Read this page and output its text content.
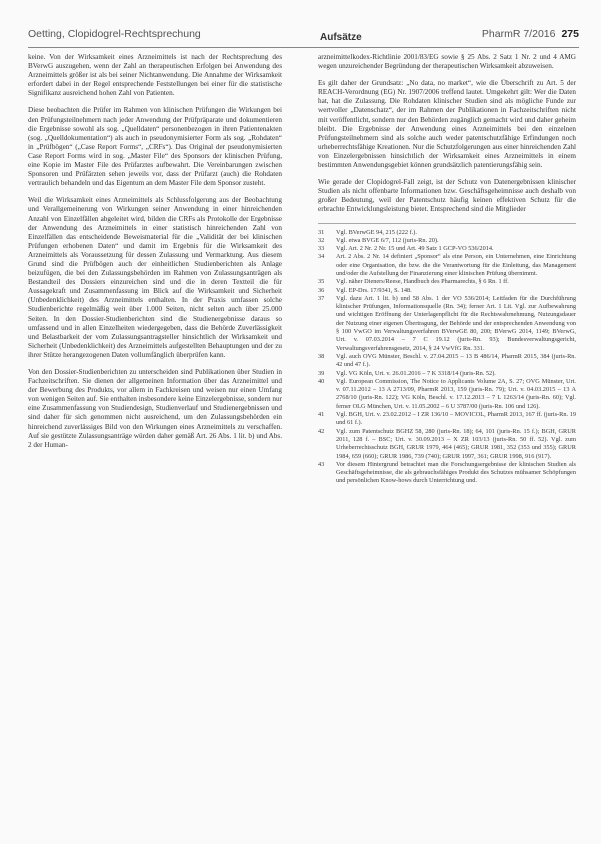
Oetting, Clopidogrel-Rechtsprechung	Aufsätze	PharmR 7/2016 275

keine. Von der Wirksamkeit eines Arzneimittels ist nach der Rechtsprechung des BVerwG auszugehen, wenn der Zahl an therapeutischen Erfolgen bei Anwendung des Arzneimittels größer ist als bei seiner Nichtanwendung. Die Annahme der Wirksamkeit erfordert dabei in der Regel entsprechende Feststellungen bei einer für die statistische Signifikanz ausreichend hohen Zahl von Patienten.

Diese beobachten die Prüfer im Rahmen von klinischen Prüfungen die Wirkungen bei den Prüfungsteilnehmern nach jeder Anwendung der Prüfpräparate und dokumentieren die Ergebnisse sowohl als sog. „Quelldaten“ personenbezogen in ihren Patientenakten (sog. „Quelldokumentation“) als auch in pseudonymisierter Form als sog. „Rohdaten“ in „Prüfbögen“ („Case Report Forms“, „CRFs“). Das Original der pseudonymisierten Case Report Forms wird in sog. „Master File“ des Sponsors der klinischen Prüfung, eine Kopie im Master File des Prüfarztes aufbewahrt. Die Vereinbarungen zwischen Sponsoren und Prüfärzten sehen jeweils vor, dass der Prüfarzt (auch) die Rohdaten vertraulich behandeln und das Eigentum an dem Master File dem Sponsor zusteht.

Weil die Wirksamkeit eines Arzneimittels als Schlussfolgerung aus der Beobachtung und Verallgemeinerung von Wirkungen seiner Anwendung in einer hinreichenden Anzahl von Einzelfällen abgeleitet wird, bilden die CRFs als Protokolle der Ergebnisse der Anwendung des Arzneimittels in einer statistisch hinreichenden Zahl von Einzelfällen das entscheidende Beweismaterial für die „Validität der bei klinischen Prüfungen erhobenen Daten“ und damit im Ergebnis für die Wirksamkeit des Arzneimittels als Voraussetzung für dessen Zulassung und Vermarktung. Aus diesem Grund sind die Prüfbögen auch der einheitlichen Studienberichten als Anlage beizufügen, die bei den Zulassungsbehörden im Rahmen von Zulassungsanträgen als Bestandteil des Dossiers einzureichen sind und die in deren Textteil die für Aussagekraft und Zusammenfassung im Blick auf die Wirksamkeit und Sicherheit (Unbedenklichkeit) des Arzneimittels enthalten. In der Praxis umfassen solche Studienberichte regelmäßig weit über 1.000 Seiten, nicht selten auch über 25.000 Seiten. In den Dossier-Studienberichten sind die Studienergebnisse daraus so umfassend und in allen Einzelheiten wiedergegeben, dass die Behörde Zuverlässigkeit und Belastbarkeit der vom Zulassungsantragsteller hinsichtlich der Wirksamkeit und Sicherheit (Unbedenklichkeit) des Arzneimittels aufgestellten Behauptungen und der zu ihrer Stütze herangezogenen Daten vollumfänglich überprüfen kann.

Von den Dossier-Studienberichten zu unterscheiden sind Publikationen über Studien in Fachzeitschriften. Sie dienen der allgemeinen Information über das Arzneimittel und der Bewerbung des Produkts, vor allem in Fachkreisen und weisen nur einen Umfang von wenigen Seiten auf. Sie enthalten insbesondere keine Einzelergebnisse, sondern nur eine Zusammenfassung von Studiendesign, Studienverlauf und Studienergebnissen und sind daher für sich genommen nicht ausreichend, um den Zulassungsbehörden ein hinreichend zuverlässiges Bild von den Wirkungen eines Arzneimittels zu verschaffen. Auf sie gestützte Zulassungsanträge würden daher gemäß Art. 26 Abs. 1 lit. b) und Abs. 2 der Human-

arzneimittelkodex-Richtlinie 2001/83/EG sowie § 25 Abs. 2 Satz 1 Nr. 2 und 4 AMG wegen unzureichender Begründung der therapeutischen Wirksamkeit abzuweisen.

Es gilt daher der Grundsatz: „No data, no market“, wie die Überschrift zu Art. 5 der REACH-Verordnung (EG) Nr. 1907/2006 treffend lautet. Umgekehrt gilt: Wer die Daten hat, hat die Zulassung. Die Rohdaten klinischer Studien sind als mögliche Funde zur wertvoller „Datenschatz“, der im Rahmen der Publikationen in Fachzeitschriften nicht mit veröffentlicht, sondern nur den Behörden zugänglich gemacht wird und daher geheim bleibt. Die Ergebnisse der Anwendung eines Arzneimittels bei den einzelnen Prüfungsteilnehmern sind als solche auch weder patentschutzfähige Erfindungen noch urheberrechtsfähige Kreationen. Nur die Schutzfolgerungen aus einer hinreichenden Zahl von Einzelergebnissen hinsichtlich der Wirksamkeit eines Arzneimittels in einem bestimmten Anwendungsgebiet können grundsätzlich patentierungsfähig sein.

Wie gerade der Clopidogrel-Fall zeigt, ist der Schutz von Datenergebnissen klinischer Studien als nicht offenbarte Informationen bzw. Geschäftsgeheimnisse auch deshalb von großer Bedeutung, weil der Patentschutz häufig keinen effektiven Schutz für die erbrachte Entwicklungsleistung bietet. Entsprechend sind die Mitglieder

31	Vgl. BVerwGE 94, 215 (222 f.).
32	Vgl. etwa BVGE 6/7, 112 (juris-Rn. 20).
33	Vgl. Art. 2 Nr. 2 Nr. 15 und Art. 49 Satz 1 GCP-VO 536/2014.
34	Art. 2 Abs. 2 Nr. 14 definiert „Sponsor“ als eine Person, ein Unternehmen, eine Einrichtung oder eine Organisation, die bzw. die die Verantwortung für die Einleitung, das Management und/oder die Aufstellung der Finanzierung einer klinischen Prüfung übernimmt.
35	Vgl. näher Dieners/Reese, Handbuch des Pharmarechts, § 6 Rn. 1 ff.
36	Vgl. EP-Drs. 17/9341, S. 148.
37	Vgl. dazu Art. 1 lit. b) und 58 Abs. 1 der VO 536/2014; Leitfaden für die Durchführung klinischer Prüfungen, Informationsquelle (Rn. 34); ferner Art. 1 Lit. Vgl. zur Aufbewahrung und wichtigen Eröffnung der Unterlagenpflicht für die Rechtswahrnehmung, Nutzungsdauer der Nutzung einer eigenen Übertragung, der Behörde und der entsprechenden Anwendung von § 100 VwGO im Verwaltungsverfahren BVerwGE 80, 200; BVerwG 2014, 1149; BVerwG, Urt. v. 07.03.2014 – 7 C 19.12 (juris-Rn. 93); Bundesverwaltungsgericht, Verwaltungsverfahrensgesetz, 2014, § 24 VwVfG Rn. 331.
38	Vgl. auch OVG Münster, Beschl. v. 27.04.2015 – 13 B 486/14, PharmR 2015, 384 (juris-Rn. 42 und 47 f.).
39	Vgl. VG Köln, Urt. v. 26.01.2016 – 7 K 3318/14 (juris-Rn. 52).
40	Vgl. European Commission, The Notice to Applicants Volume 2A, S. 27; OVG Münster, Urt. v. 07.11.2012 – 13 A 2713/09, PharmR 2013, 159 (juris-Rn. 79); Urt. v. 04.03.2015 – 13 A 2768/10 (juris-Rn. 122); VG Köln, Beschl. v. 17.12.2013 – 7 L 1263/14 (juris-Rn. 60); Vgl. ferner OLG München, Urt. v. 11.05.2002 – 6 U 3787/00 (juris-Rn. 106 und 126).
41	Vgl. BGH, Urt. v. 23.02.2012 – I ZR 136/10 – MOVICOL, PharmR 2013, 167 ff. (juris-Rn. 19 und 61 f.).
42	Vgl. zum Patentschutz BGHZ 58, 280 (juris-Rn. 18); 64, 101 (juris-Rn. 15 f.); BGH, GRUR 2011, 128 f. – BSC; Urt. v. 30.09.2013 – X ZR 103/13 (juris-Rn. 50 ff. 52). Vgl. zum Urheberrechtsschutz BGH, GRUR 1979, 464 (465); GRUR 1981, 352 (353 und 355); GRUR 1984, 659 (660); GRUR 1986, 739 (740); GRUR 1997, 361; GRUR 1998, 916 (917).
43	Vor diesem Hintergrund betrachtet man die Forschungsergebnisse der klinischen Studien als Geschäftsgeheimnisse, die als gebrauchsfähiges Produkt des Schutzes mühsamer Schöpfungen und persönlichen Know-hows durch Unterrichtung und.
